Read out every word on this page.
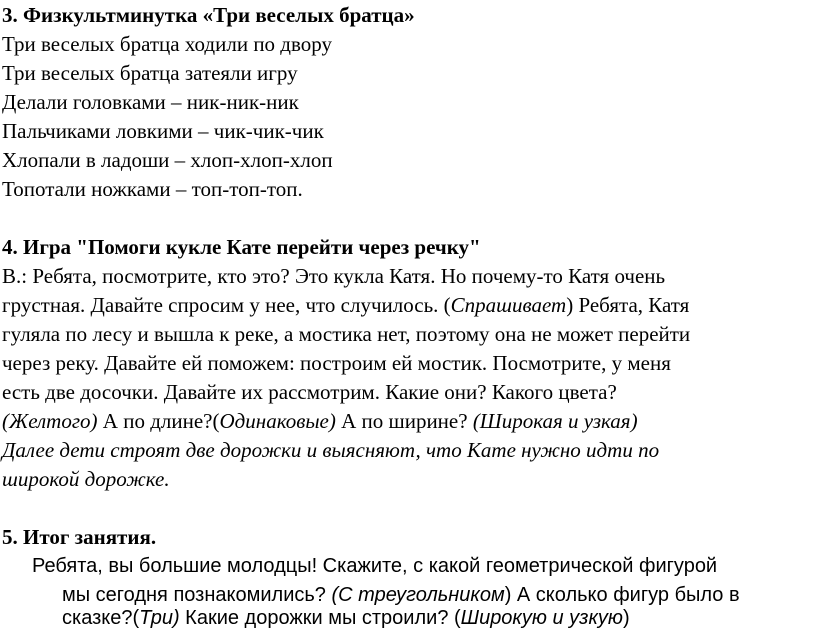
3. Физкультминутка «Три веселых братца»
Три веселых братца ходили по двору
Три веселых братца затеяли игру
Делали головками – ник-ник-ник
Пальчиками ловкими – чик-чик-чик
Хлопали в ладоши – хлоп-хлоп-хлоп
Топотали ножками – топ-топ-топ.
4. Игра "Помоги кукле Кате перейти через речку"
В.: Ребята, посмотрите, кто это? Это кукла Катя. Но почему-то Катя очень
грустная. Давайте спросим у нее, что случилось. (Спрашивает) Ребята, Катя
гуляла по лесу и вышла к реке, а мостика нет, поэтому она не может перейти
через реку. Давайте ей поможем: построим ей мостик. Посмотрите, у меня
есть две досочки. Давайте их рассмотрим. Какие они? Какого цвета?
(Желтого) А по длине?(Одинаковые) А по ширине? (Широкая и узкая)
Далее дети строят две дорожки и выясняют, что Кате нужно идти по
широкой дорожке.
5. Итог занятия.
Ребята, вы большие молодцы! Скажите, с какой геометрической фигурой
мы сегодня познакомились? (С треугольником) А сколько фигур было в
сказке?(Три) Какие дорожки мы строили? (Широкую и узкую)
